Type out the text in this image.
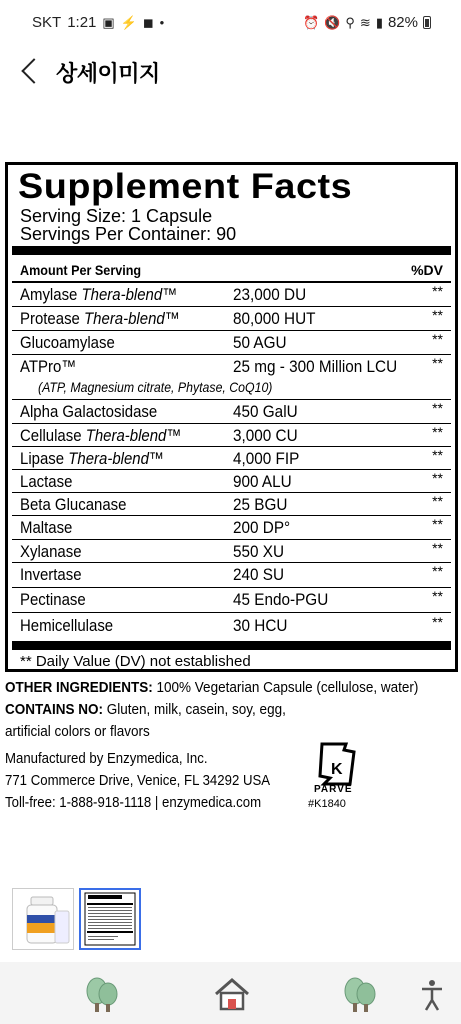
SKT 1:21 ▣ ⚡ ◼ •	⏰ 🔇 ⚲ ≋ ▮ 82%
상세이미지
Supplement Facts
Serving Size: 1 Capsule
Servings Per Container: 90
Amount Per Serving	%DV
Amylase Thera-blend™	23,000 DU	**
Protease Thera-blend™	80,000 HUT	**
Glucoamylase	50 AGU	**
ATPro™	25 mg - 300 Million LCU **
(ATP, Magnesium citrate, Phytase, CoQ10)
Alpha Galactosidase	450 GalU	**
Cellulase Thera-blend™	3,000 CU	**
Lipase Thera-blend™	4,000 FIP	**
Lactase	900 ALU	**
Beta Glucanase	25 BGU	**
Maltase	200 DP°	**
Xylanase	550 XU	**
Invertase	240 SU	**
Pectinase	45 Endo-PGU	**
Hemicellulase	30 HCU	**
** Daily Value (DV) not established
OTHER INGREDIENTS: 100% Vegetarian Capsule (cellulose, water)
CONTAINS NO: Gluten, milk, casein, soy, egg,
artificial colors or flavors
Manufactured by Enzymedica, Inc.
771 Commerce Drive, Venice, FL 34292 USA
Toll-free: 1-888-918-1118 | enzymedica.com
K
PARVE
#K1840
